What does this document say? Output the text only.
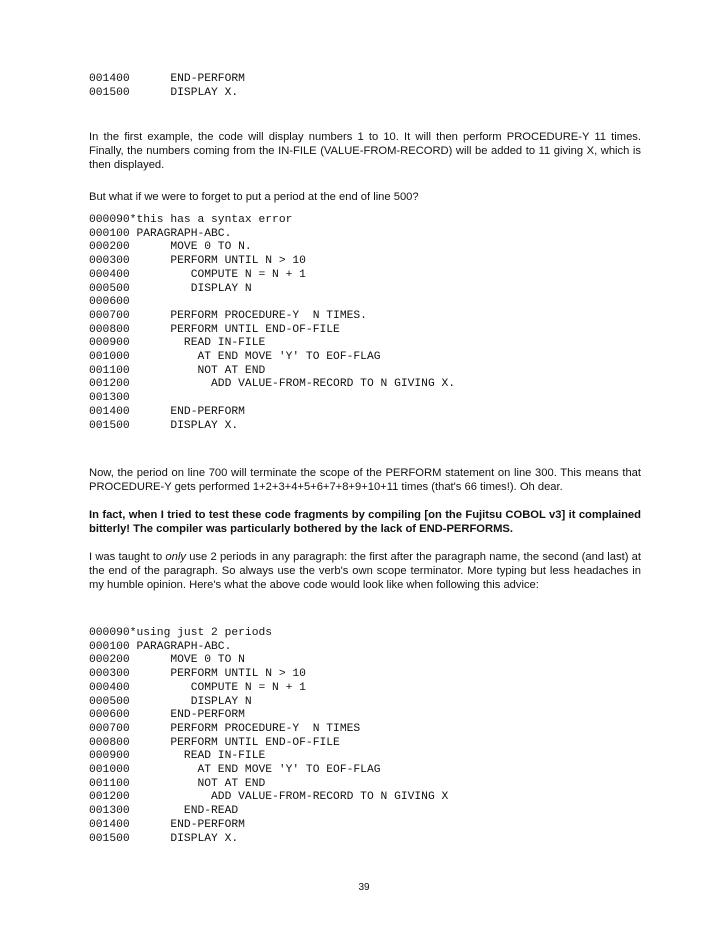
001400      END-PERFORM
001500      DISPLAY X.

In the first example, the code will display numbers 1 to 10. It will then perform PROCEDURE-Y 11 times. Finally, the numbers coming from the IN-FILE (VALUE-FROM-RECORD) will be added to 11 giving X, which is then displayed.

But what if we were to forget to put a period at the end of line 500?

000090*this has a syntax error
000100 PARAGRAPH-ABC.
000200      MOVE 0 TO N.
000300      PERFORM UNTIL N > 10
000400         COMPUTE N = N + 1
000500         DISPLAY N
000600
000700      PERFORM PROCEDURE-Y  N TIMES.
000800      PERFORM UNTIL END-OF-FILE
000900        READ IN-FILE
001000          AT END MOVE 'Y' TO EOF-FLAG
001100          NOT AT END
001200            ADD VALUE-FROM-RECORD TO N GIVING X.
001300
001400      END-PERFORM
001500      DISPLAY X.

Now, the period on line 700 will terminate the scope of the PERFORM statement on line 300. This means that PROCEDURE-Y gets performed 1+2+3+4+5+6+7+8+9+10+11 times (that's 66 times!). Oh dear.

In fact, when I tried to test these code fragments by compiling [on the Fujitsu COBOL v3] it complained bitterly! The compiler was particularly bothered by the lack of END-PERFORMS.

I was taught to only use 2 periods in any paragraph: the first after the paragraph name, the second (and last) at the end of the paragraph. So always use the verb's own scope terminator. More typing but less headaches in my humble opinion. Here's what the above code would look like when following this advice:

000090*using just 2 periods
000100 PARAGRAPH-ABC.
000200      MOVE 0 TO N
000300      PERFORM UNTIL N > 10
000400         COMPUTE N = N + 1
000500         DISPLAY N
000600      END-PERFORM
000700      PERFORM PROCEDURE-Y  N TIMES
000800      PERFORM UNTIL END-OF-FILE
000900        READ IN-FILE
001000          AT END MOVE 'Y' TO EOF-FLAG
001100          NOT AT END
001200            ADD VALUE-FROM-RECORD TO N GIVING X
001300        END-READ
001400      END-PERFORM
001500      DISPLAY X.
39
